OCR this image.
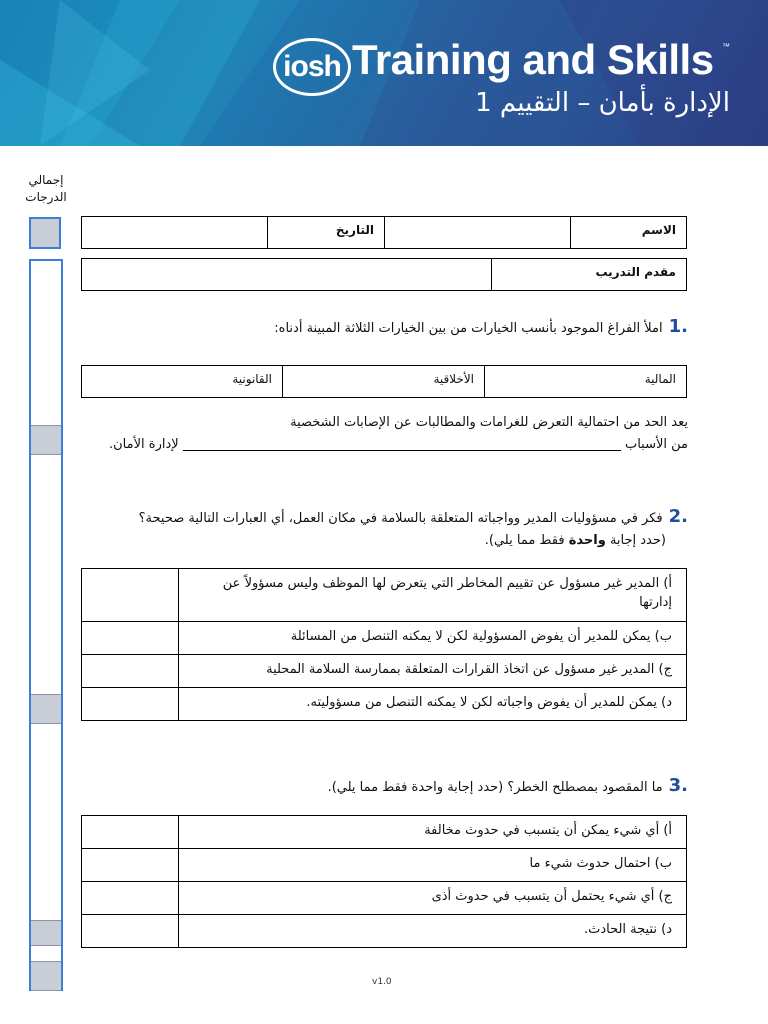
iosh Training and Skills ™
الإدارة بأمان – التقييم 1
إجمالي
الدرجات
الاسم
التاريخ
مقدم التدريب
.1املأ الفراغ الموجود بأنسب الخيارات من بين الخيارات الثلاثة المبينة أدناه:
المالية
الأخلاقية
القانونية
يعد الحد من احتمالية التعرض للغرامات والمطالبات عن الإصابات الشخصية
من الأسباب  لإدارة الأمان.
.2فكر في مسؤوليات المدير وواجباته المتعلقة بالسلامة في مكان العمل، أي العبارات التالية صحيحة؟
(حدد إجابة واحدة فقط مما يلي).
أ) المدير غير مسؤول عن تقييم المخاطر التي يتعرض لها الموظف وليس مسؤولاً عن إدارتها
ب) يمكن للمدير أن يفوض المسؤولية لكن لا يمكنه التنصل من المسائلة
ج) المدير غير مسؤول عن اتخاذ القرارات المتعلقة بممارسة السلامة المحلية
د) يمكن للمدير أن يفوض واجباته لكن لا يمكنه التنصل من مسؤوليته.
.3ما المقصود بمصطلح الخطر؟ (حدد إجابة واحدة فقط مما يلي).
أ) أي شيء يمكن أن يتسبب في حدوث مخالفة
ب) احتمال حدوث شيء ما
ج) أي شيء يحتمل أن يتسبب في حدوث أذى
د) نتيجة الحادث.
v1.0
